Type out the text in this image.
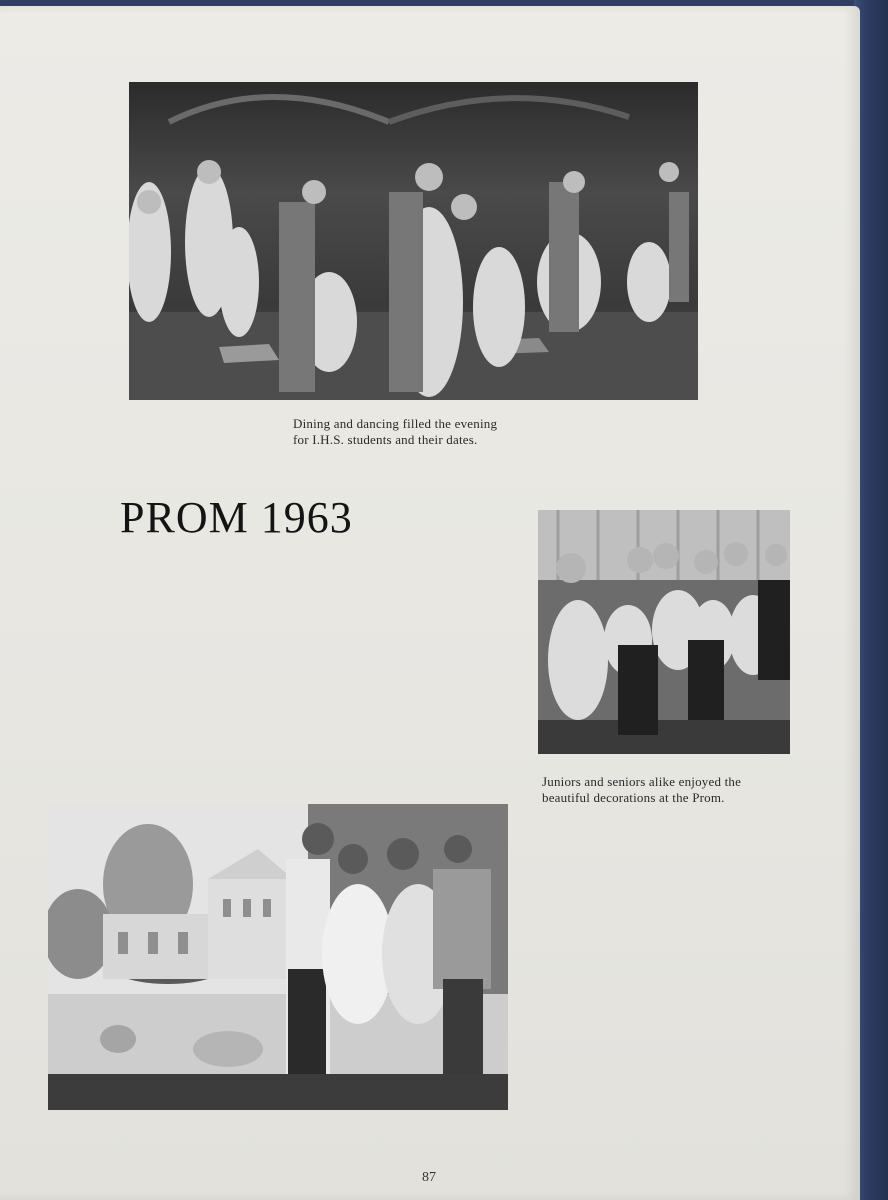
Dining and dancing filled the evening
for I.H.S. students and their dates.
PROM 1963
Juniors and seniors alike enjoyed the
beautiful decorations at the Prom.
87
